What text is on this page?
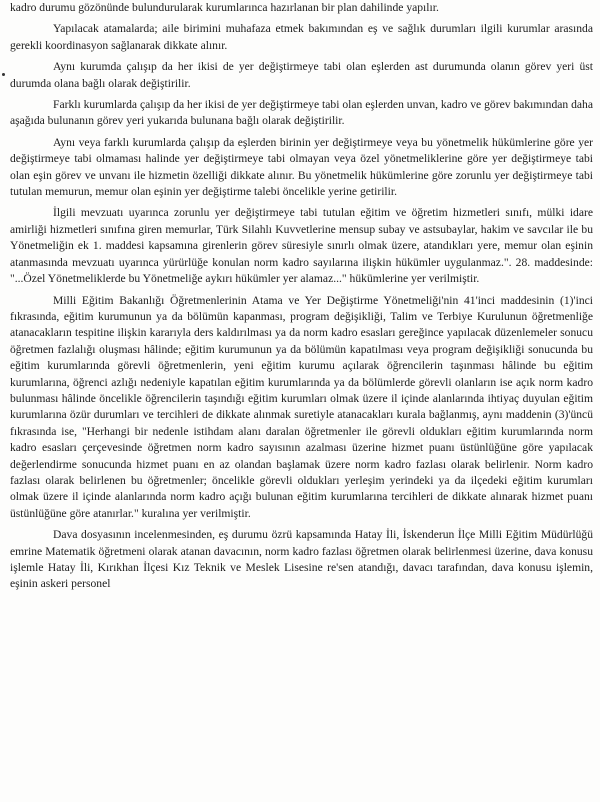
kadro durumu gözönünde bulundurularak kurumlarınca hazırlanan bir plan dahilinde yapılır.

Yapılacak atamalarda; aile birimini muhafaza etmek bakımından eş ve sağlık durumları ilgili kurumlar arasında gerekli koordinasyon sağlanarak dikkate alınır.

Aynı kurumda çalışıp da her ikisi de yer değiştirmeye tabi olan eşlerden ast durumunda olanın görev yeri üst durumda olana bağlı olarak değiştirilir.

Farklı kurumlarda çalışıp da her ikisi de yer değiştirmeye tabi olan eşlerden unvan, kadro ve görev bakımından daha aşağıda bulunanın görev yeri yukarıda bulunana bağlı olarak değiştirilir.

Aynı veya farklı kurumlarda çalışıp da eşlerden birinin yer değiştirmeye veya bu yönetmelik hükümlerine göre yer değiştirmeye tabi olmaması halinde yer değiştirmeye tabi olmayan veya özel yönetmeliklerine göre yer değiştirmeye tabi olan eşin görev ve unvanı ile hizmetin özelliği dikkate alınır. Bu yönetmelik hükümlerine göre zorunlu yer değiştirmeye tabi tutulan memurun, memur olan eşinin yer değiştirme talebi öncelikle yerine getirilir.

İlgili mevzuatı uyarınca zorunlu yer değiştirmeye tabi tutulan eğitim ve öğretim hizmetleri sınıfı, mülki idare amirliği hizmetleri sınıfına giren memurlar, Türk Silahlı Kuvvetlerine mensup subay ve astsubaylar, hakim ve savcılar ile bu Yönetmeliğin ek 1. maddesi kapsamına girenlerin görev süresiyle sınırlı olmak üzere, atandıkları yere, memur olan eşinin atanmasında mevzuatı uyarınca yürürlüğe konulan norm kadro sayılarına ilişkin hükümler uygulanmaz.". 28. maddesinde: "...Özel Yönetmeliklerde bu Yönetmeliğe aykırı hükümler yer alamaz..." hükümlerine yer verilmiştir.

Milli Eğitim Bakanlığı Öğretmenlerinin Atama ve Yer Değiştirme Yönetmeliği'nin 41'inci maddesinin (1)'inci fıkrasında, eğitim kurumunun ya da bölümün kapanması, program değişikliği, Talim ve Terbiye Kurulunun öğretmenliğe atanacakların tespitine ilişkin kararıyla ders kaldırılması ya da norm kadro esasları gereğince yapılacak düzenlemeler sonucu öğretmen fazlalığı oluşması hâlinde; eğitim kurumunun ya da bölümün kapatılması veya program değişikliği sonucunda bu eğitim kurumlarında görevli öğretmenlerin, yeni eğitim kurumu açılarak öğrencilerin taşınması hâlinde bu eğitim kurumlarına, öğrenci azlığı nedeniyle kapatılan eğitim kurumlarında ya da bölümlerde görevli olanların ise açık norm kadro bulunması hâlinde öncelikle öğrencilerin taşındığı eğitim kurumları olmak üzere il içinde alanlarında ihtiyaç duyulan eğitim kurumlarına özür durumları ve tercihleri de dikkate alınmak suretiyle atanacakları kurala bağlanmış, aynı maddenin (3)'üncü fıkrasında ise, "Herhangi bir nedenle istihdam alanı daralan öğretmenler ile görevli oldukları eğitim kurumlarında norm kadro esasları çerçevesinde öğretmen norm kadro sayısının azalması üzerine hizmet puanı üstünlüğüne göre yapılacak değerlendirme sonucunda hizmet puanı en az olandan başlamak üzere norm kadro fazlası olarak belirlenir. Norm kadro fazlası olarak belirlenen bu öğretmenler; öncelikle görevli oldukları yerleşim yerindeki ya da ilçedeki eğitim kurumları olmak üzere il içinde alanlarında norm kadro açığı bulunan eğitim kurumlarına tercihleri de dikkate alınarak hizmet puanı üstünlüğüne göre atanırlar." kuralına yer verilmiştir.

Dava dosyasının incelenmesinden, eş durumu özrü kapsamında Hatay İli, İskenderun İlçe Milli Eğitim Müdürlüğü emrine Matematik öğretmeni olarak atanan davacının, norm kadro fazlası öğretmen olarak belirlenmesi üzerine, dava konusu işlemle Hatay İli, Kırıkhan İlçesi Kız Teknik ve Meslek Lisesine re'sen atandığı, davacı tarafından, dava konusu işlemin, eşinin askeri personel
